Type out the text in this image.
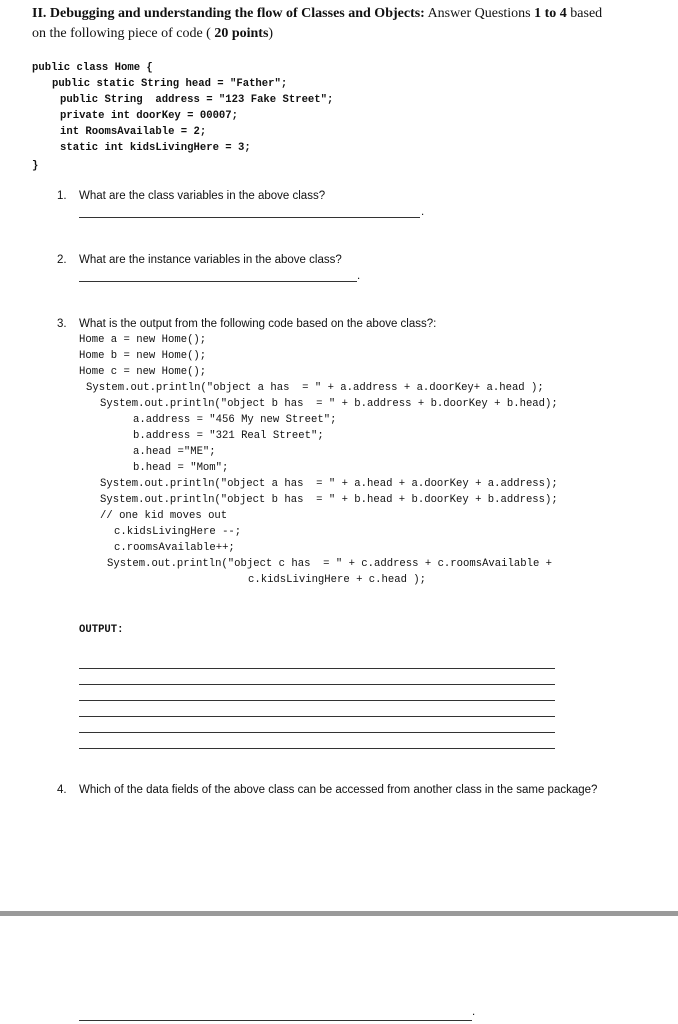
II. Debugging and understanding the flow of Classes and Objects: Answer Questions 1 to 4 based
on the following piece of code ( 20 points)
public class Home {
public static String head = "Father";
public String  address = "123 Fake Street";
private int doorKey = 00007;
int RoomsAvailable = 2;
static int kidsLivingHere = 3;
}
1. What are the class variables in the above class?
.
2. What are the instance variables in the above class?
.
3. What is the output from the following code based on the above class?:
Home a = new Home();
Home b = new Home();
Home c = new Home();
System.out.println("object a has  = " + a.address + a.doorKey+ a.head );
System.out.println("object b has  = " + b.address + b.doorKey + b.head);
a.address = "456 My new Street";
b.address = "321 Real Street";
a.head ="ME";
b.head = "Mom";
System.out.println("object a has  = " + a.head + a.doorKey + a.address);
System.out.println("object b has  = " + b.head + b.doorKey + b.address);
// one kid moves out
c.kidsLivingHere --;
c.roomsAvailable++;
System.out.println("object c has  = " + c.address + c.roomsAvailable +
c.kidsLivingHere + c.head );
OUTPUT:
4. Which of the data fields of the above class can be accessed from another class in the same package?
.
